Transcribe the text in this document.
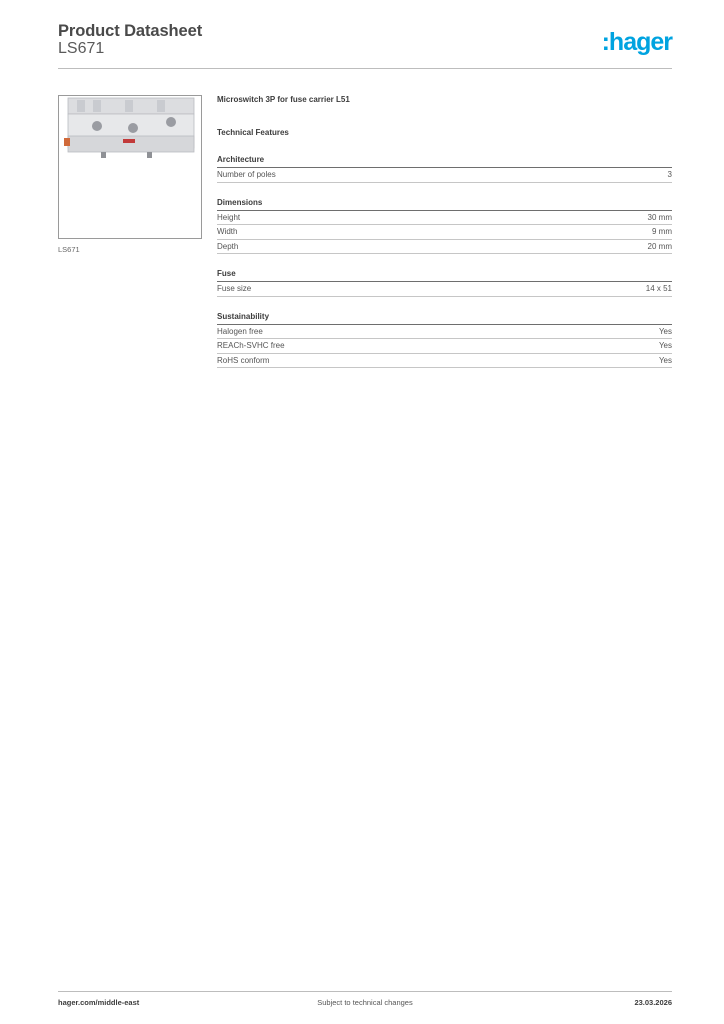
Product Datasheet
LS671	:hager
LS671
Microswitch 3P for fuse carrier L51
Technical Features
Architecture
Number of poles	3
Dimensions
Height	30 mm
Width	9 mm
Depth	20 mm
Fuse
Fuse size	14 x 51
Sustainability
Halogen free	Yes
REACh-SVHC free	Yes
RoHS conform	Yes
Subject to technical changes
hager.com/middle-east	23.03.2026
